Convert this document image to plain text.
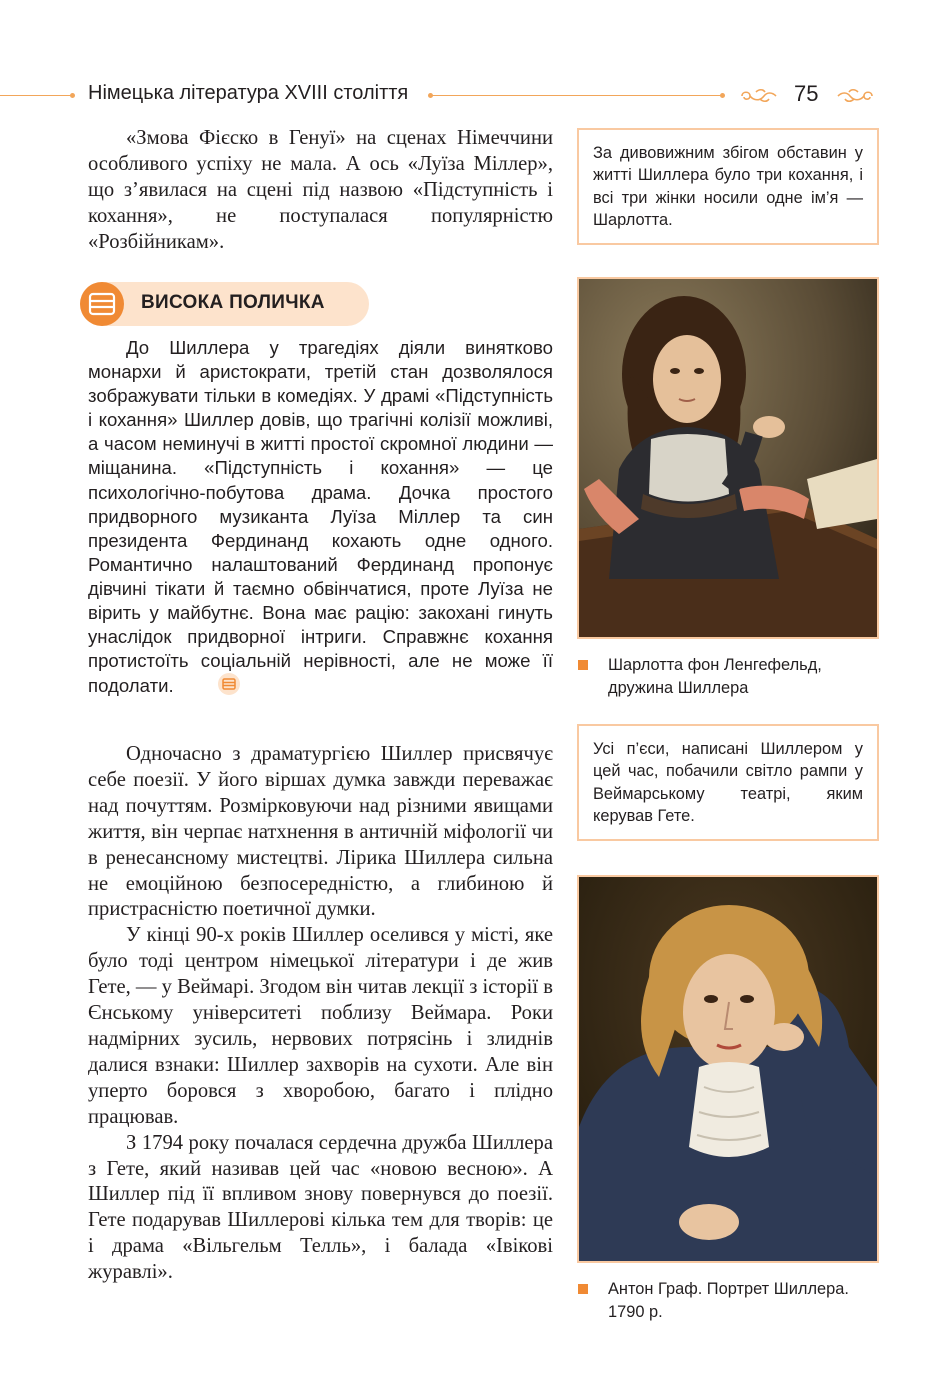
Німецька література XVIII століття	75

«Змова Фієско в Генуї» на сценах Німеччини особливого успіху не мала. А ось «Луїза Міллер», що з’явилася на сцені під назвою «Підступність і кохання», не поступалася популярністю «Розбійникам».

ВИСОКА ПОЛИЧКА

До Шиллера у трагедіях діяли винятково монархи й аристократи, третій стан дозволялося зображувати тільки в комедіях. У драмі «Підступність і кохання» Шиллер довів, що трагічні колізії можливі, а часом неминучі в житті простої скромної людини — міщанина. «Підступність і кохання» — це психологічно-побутова драма. Дочка простого придворного музиканта Луїза Міллер та син президента Фердинанд кохають одне одного. Романтично налаштований Фердинанд пропонує дівчині тікати й таємно обвінчатися, проте Луїза не вірить у майбутнє. Вона має рацію: закохані гинуть унаслідок придворної інтриги. Справжнє кохання протистоїть соціальній нерівності, але не може її подолати.

Одночасно з драматургією Шиллер присвячує себе поезії. У його віршах думка завжди переважає над почуттям. Розмірковуючи над різними явищами життя, він черпає натхнення в античній міфології чи в ренесансному мистецтві. Лірика Шиллера сильна не емоційною безпосередністю, а глибиною й пристрасністю поетичної думки.

У кінці 90-х років Шиллер оселився у місті, яке було тоді центром німецької літератури і де жив Гете, — у Веймарі. Згодом він читав лекції з історії в Єнському університеті поблизу Веймара. Роки надмірних зусиль, нервових потрясінь і злиднів далися взнаки: Шиллер захворів на сухоти. Але він уперто боровся з хворобою, багато і плідно працював.

З 1794 року почалася сердечна дружба Шиллера з Гете, який називав цей час «новою весною». А Шиллер під її впливом знову повернувся до поезії. Гете подарував Шиллерові кілька тем для творів: це і драма «Вільгельм Телль», і балада «Івікові журавлі».

За дивовижним збігом обставин у житті Шиллера було три кохання, і всі три жінки носили одне ім’я — Шарлотта.
Шарлотта фон Ленгефельд, дружина Шиллера
Усі п’єси, написані Шиллером у цей час, побачили світло рампи у Веймарському театрі, яким керував Гете.
Антон Граф. Портрет Шиллера. 1790 р.
